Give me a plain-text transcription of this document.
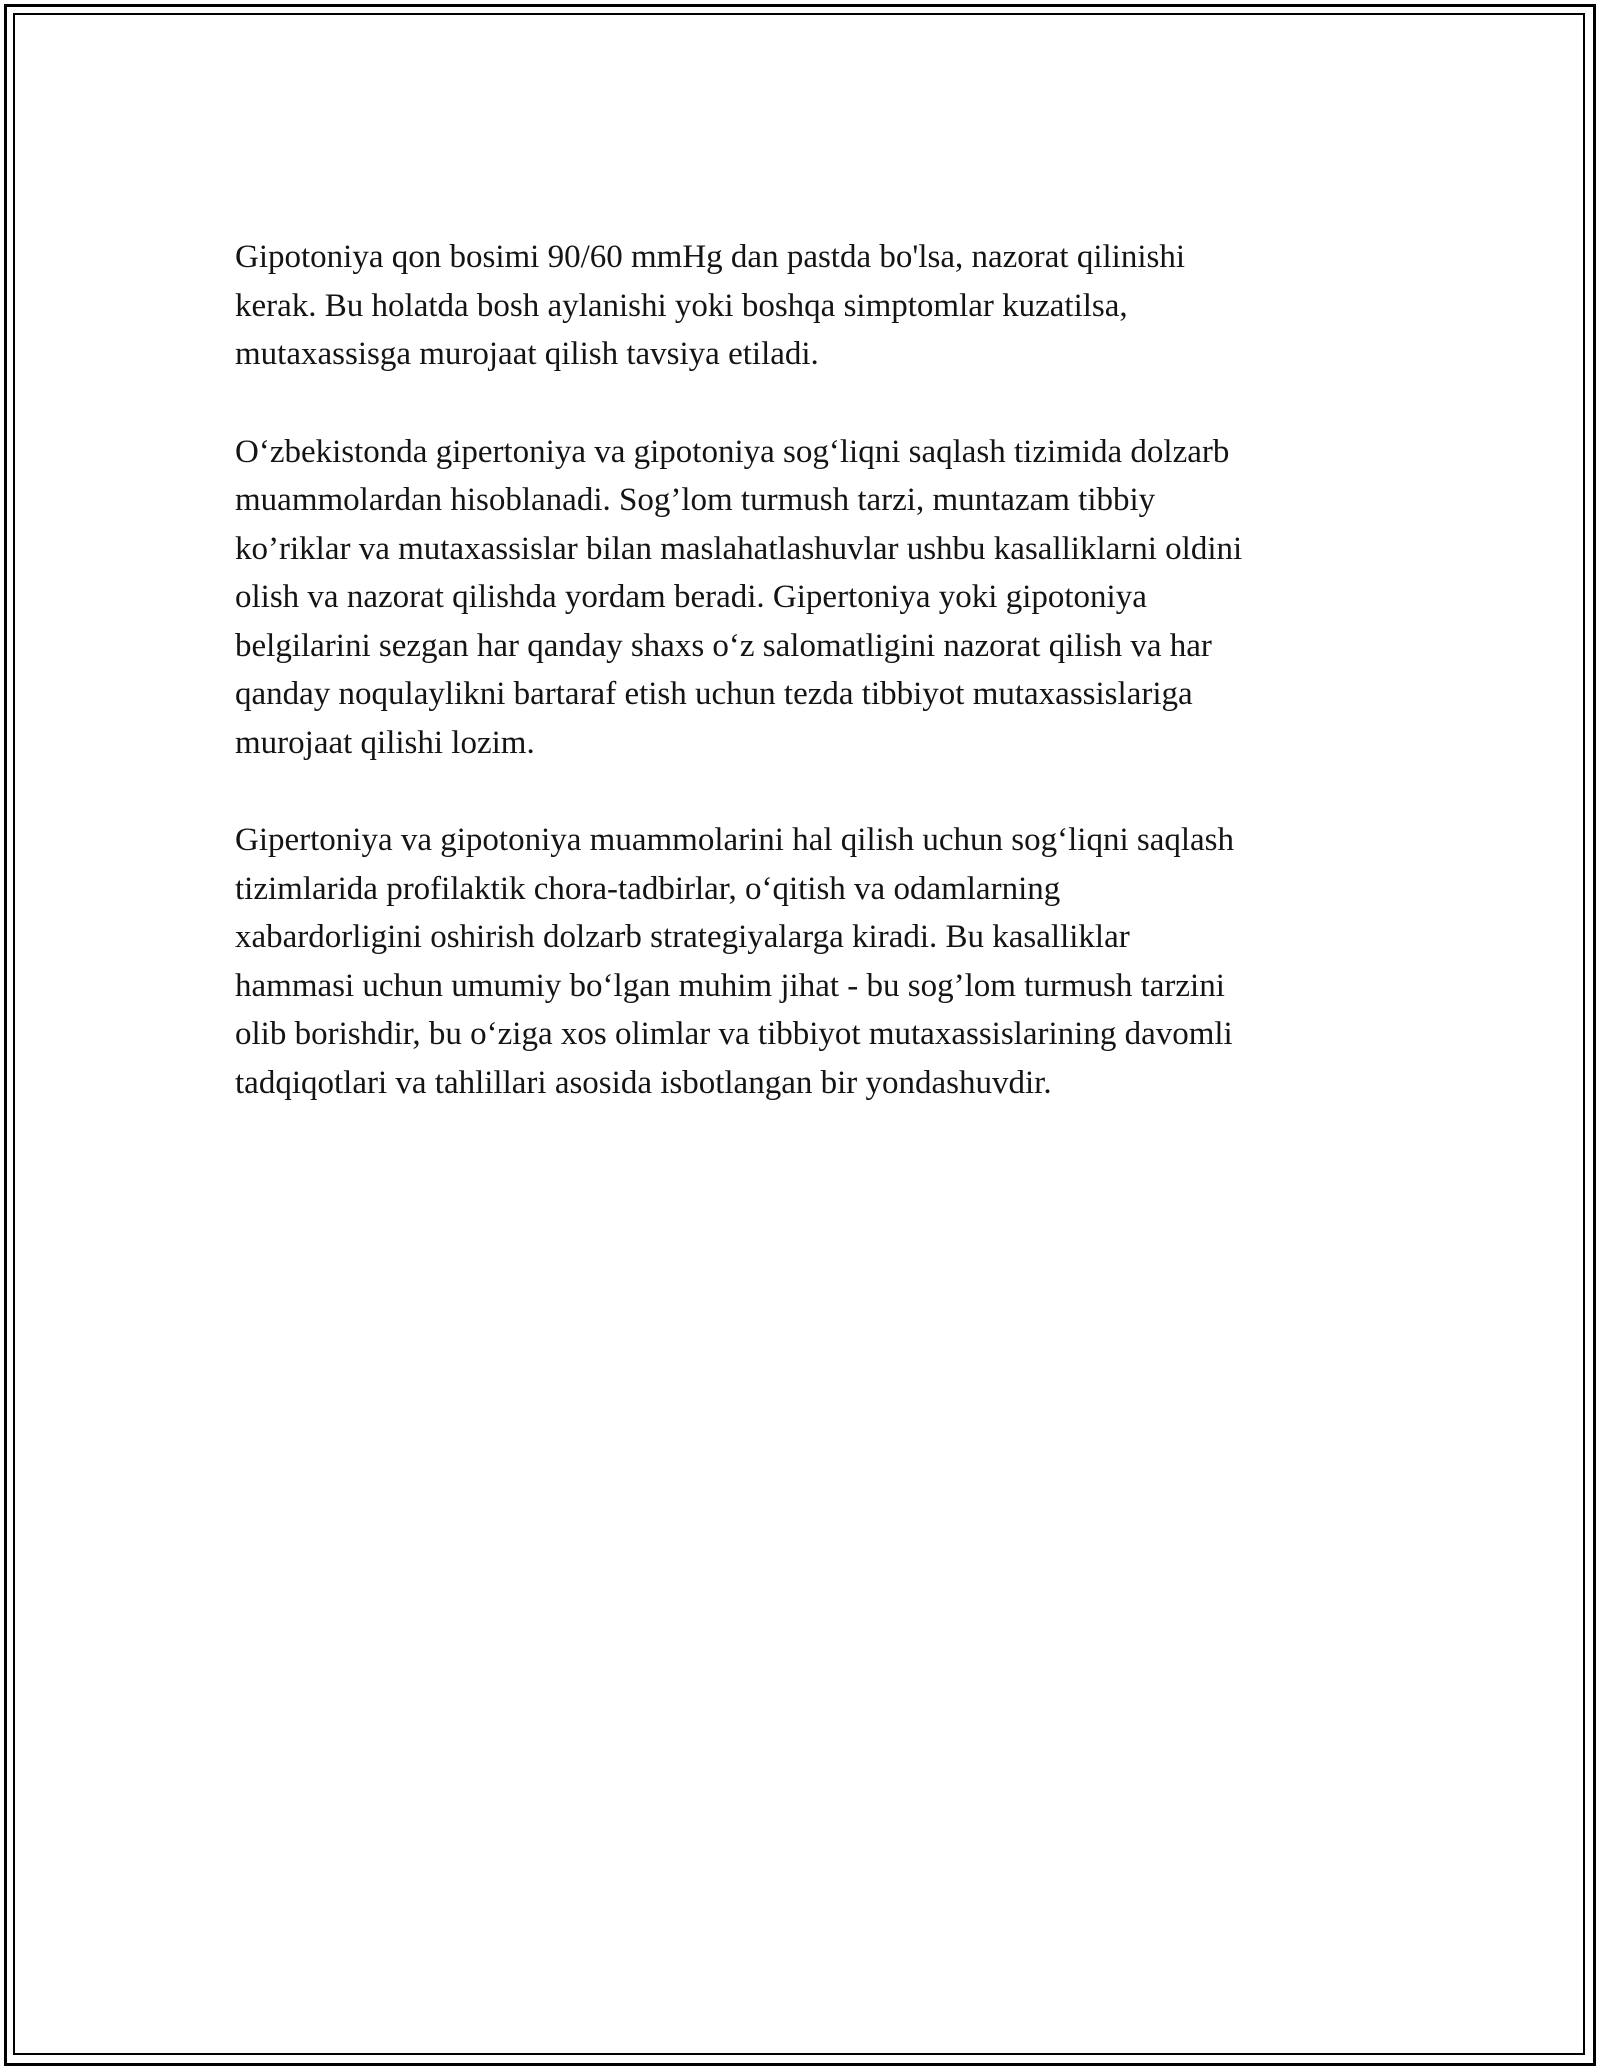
Gipotoniya qon bosimi 90/60 mmHg dan pastda bo'lsa, nazorat qilinishi
kerak. Bu holatda bosh aylanishi yoki boshqa simptomlar kuzatilsa,
mutaxassisga murojaat qilish tavsiya etiladi.

O‘zbekistonda gipertoniya va gipotoniya sog‘liqni saqlash tizimida dolzarb
muammolardan hisoblanadi. Sog’lom turmush tarzi, muntazam tibbiy
ko’riklar va mutaxassislar bilan maslahatlashuvlar ushbu kasalliklarni oldini
olish va nazorat qilishda yordam beradi. Gipertoniya yoki gipotoniya
belgilarini sezgan har qanday shaxs o‘z salomatligini nazorat qilish va har
qanday noqulaylikni bartaraf etish uchun tezda tibbiyot mutaxassislariga
murojaat qilishi lozim.

Gipertoniya va gipotoniya muammolarini hal qilish uchun sog‘liqni saqlash
tizimlarida profilaktik chora-tadbirlar, o‘qitish va odamlarning
xabardorligini oshirish dolzarb strategiyalarga kiradi. Bu kasalliklar
hammasi uchun umumiy bo‘lgan muhim jihat - bu sog’lom turmush tarzini
olib borishdir, bu o‘ziga xos olimlar va tibbiyot mutaxassislarining davomli
tadqiqotlari va tahlillari asosida isbotlangan bir yondashuvdir.
